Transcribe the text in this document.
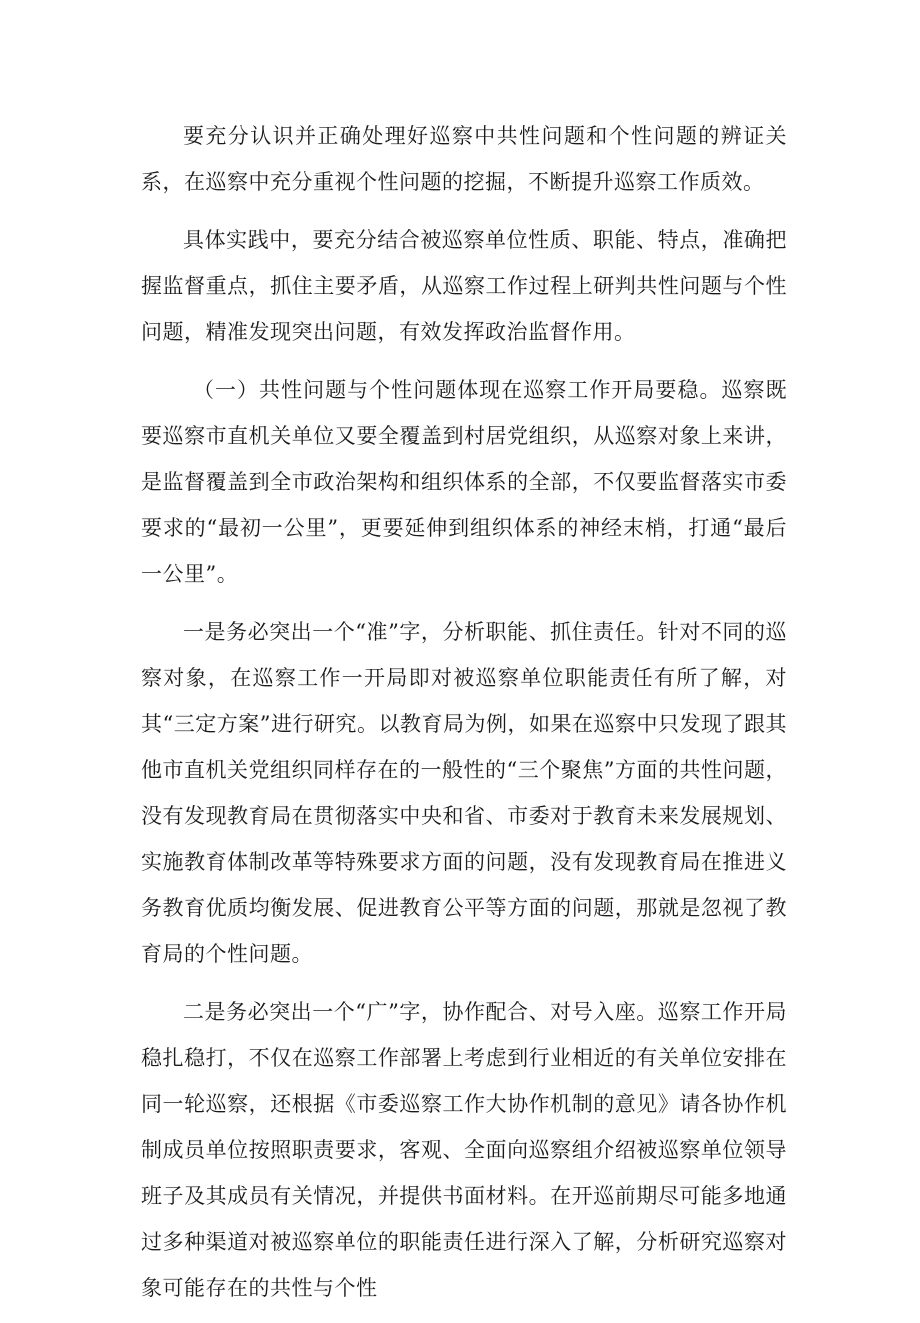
要充分认识并正确处理好巡察中共性问题和个性问题的辨证关系，在巡察中充分重视个性问题的挖掘，不断提升巡察工作质效。

具体实践中，要充分结合被巡察单位性质、职能、特点，准确把握监督重点，抓住主要矛盾，从巡察工作过程上研判共性问题与个性问题，精准发现突出问题，有效发挥政治监督作用。

（一）共性问题与个性问题体现在巡察工作开局要稳。巡察既要巡察市直机关单位又要全覆盖到村居党组织，从巡察对象上来讲，是监督覆盖到全市政治架构和组织体系的全部，不仅要监督落实市委要求的“最初一公里”，更要延伸到组织体系的神经末梢，打通“最后一公里”。

一是务必突出一个“准”字，分析职能、抓住责任。针对不同的巡察对象，在巡察工作一开局即对被巡察单位职能责任有所了解，对其“三定方案”进行研究。以教育局为例，如果在巡察中只发现了跟其他市直机关党组织同样存在的一般性的“三个聚焦”方面的共性问题，没有发现教育局在贯彻落实中央和省、市委对于教育未来发展规划、实施教育体制改革等特殊要求方面的问题，没有发现教育局在推进义务教育优质均衡发展、促进教育公平等方面的问题，那就是忽视了教育局的个性问题。

二是务必突出一个“广”字，协作配合、对号入座。巡察工作开局稳扎稳打，不仅在巡察工作部署上考虑到行业相近的有关单位安排在同一轮巡察，还根据《市委巡察工作大协作机制的意见》请各协作机制成员单位按照职责要求，客观、全面向巡察组介绍被巡察单位领导班子及其成员有关情况，并提供书面材料。在开巡前期尽可能多地通过多种渠道对被巡察单位的职能责任进行深入了解，分析研究巡察对象可能存在的共性与个性
